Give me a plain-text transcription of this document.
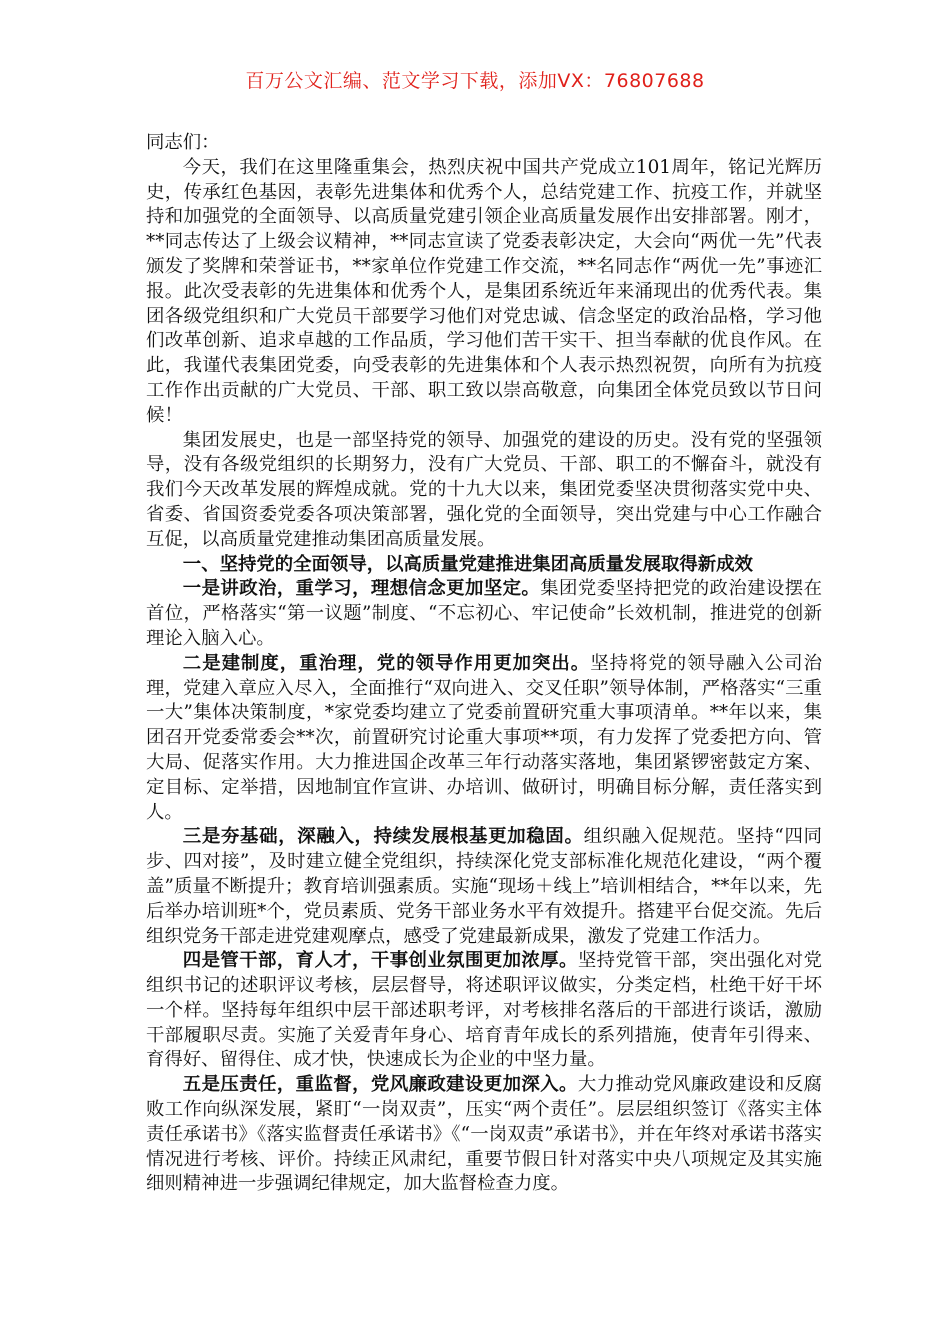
百万公文汇编、范文学习下载，添加VX：76807688

同志们：

今天，我们在这里隆重集会，热烈庆祝中国共产党成立101周年，铭记光辉历史，传承红色基因，表彰先进集体和优秀个人，总结党建工作、抗疫工作，并就坚持和加强党的全面领导、以高质量党建引领企业高质量发展作出安排部署。刚才，**同志传达了上级会议精神，**同志宣读了党委表彰决定，大会向“两优一先”代表颁发了奖牌和荣誉证书，**家单位作党建工作交流，**名同志作“两优一先”事迹汇报。此次受表彰的先进集体和优秀个人，是集团系统近年来涌现出的优秀代表。集团各级党组织和广大党员干部要学习他们对党忠诚、信念坚定的政治品格，学习他们改革创新、追求卓越的工作品质，学习他们苦干实干、担当奉献的优良作风。在此，我谨代表集团党委，向受表彰的先进集体和个人表示热烈祝贺，向所有为抗疫工作作出贡献的广大党员、干部、职工致以崇高敬意，向集团全体党员致以节日问候！

集团发展史，也是一部坚持党的领导、加强党的建设的历史。没有党的坚强领导，没有各级党组织的长期努力，没有广大党员、干部、职工的不懈奋斗，就没有我们今天改革发展的辉煌成就。党的十九大以来，集团党委坚决贯彻落实党中央、省委、省国资委党委各项决策部署，强化党的全面领导，突出党建与中心工作融合互促，以高质量党建推动集团高质量发展。

一、坚持党的全面领导，以高质量党建推进集团高质量发展取得新成效

一是讲政治，重学习，理想信念更加坚定。集团党委坚持把党的政治建设摆在首位，严格落实“第一议题”制度、“不忘初心、牢记使命”长效机制，推进党的创新理论入脑入心。

二是建制度，重治理，党的领导作用更加突出。坚持将党的领导融入公司治理，党建入章应入尽入，全面推行“双向进入、交叉任职”领导体制，严格落实“三重一大”集体决策制度，*家党委均建立了党委前置研究重大事项清单。**年以来，集团召开党委常委会**次，前置研究讨论重大事项**项，有力发挥了党委把方向、管大局、促落实作用。大力推进国企改革三年行动落实落地，集团紧锣密鼓定方案、定目标、定举措，因地制宜作宣讲、办培训、做研讨，明确目标分解，责任落实到人。

三是夯基础，深融入，持续发展根基更加稳固。组织融入促规范。坚持“四同步、四对接”，及时建立健全党组织，持续深化党支部标准化规范化建设，“两个覆盖”质量不断提升；教育培训强素质。实施“现场＋线上”培训相结合，**年以来，先后举办培训班*个，党员素质、党务干部业务水平有效提升。搭建平台促交流。先后组织党务干部走进党建观摩点，感受了党建最新成果，激发了党建工作活力。

四是管干部，育人才，干事创业氛围更加浓厚。坚持党管干部，突出强化对党组织书记的述职评议考核，层层督导，将述职评议做实，分类定档，杜绝干好干坏一个样。坚持每年组织中层干部述职考评，对考核排名落后的干部进行谈话，激励干部履职尽责。实施了关爱青年身心、培育青年成长的系列措施，使青年引得来、育得好、留得住、成才快，快速成长为企业的中坚力量。

五是压责任，重监督，党风廉政建设更加深入。大力推动党风廉政建设和反腐败工作向纵深发展，紧盯“一岗双责”，压实“两个责任”。层层组织签订《落实主体责任承诺书》《落实监督责任承诺书》《“一岗双责”承诺书》，并在年终对承诺书落实情况进行考核、评价。持续正风肃纪，重要节假日针对落实中央八项规定及其实施细则精神进一步强调纪律规定，加大监督检查力度。
